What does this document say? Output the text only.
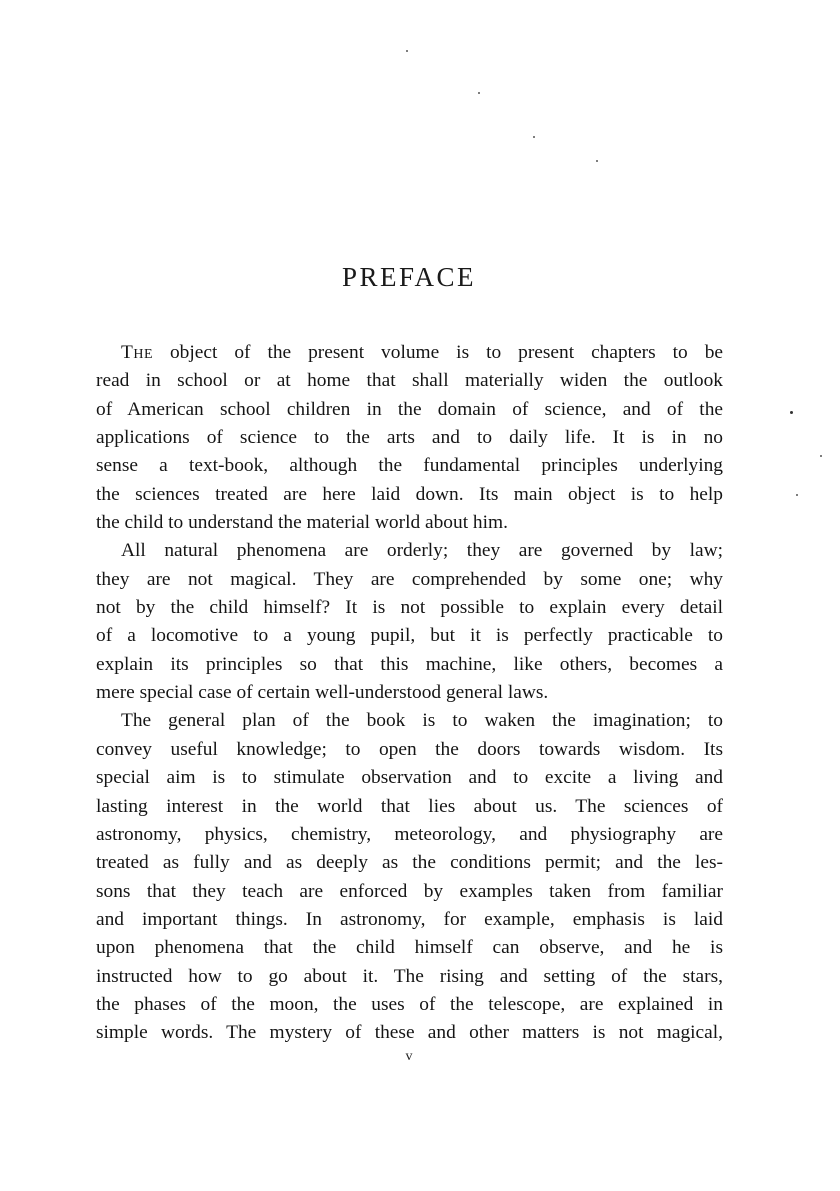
PREFACE

The object of the present volume is to present chapters to be
read in school or at home that shall materially widen the outlook
of American school children in the domain of science, and of the
applications of science to the arts and to daily life. It is in no
sense a text-book, although the fundamental principles underlying
the sciences treated are here laid down. Its main object is to help
the child to understand the material world about him.

All natural phenomena are orderly; they are governed by law;
they are not magical. They are comprehended by some one; why
not by the child himself? It is not possible to explain every detail
of a locomotive to a young pupil, but it is perfectly practicable to
explain its principles so that this machine, like others, becomes a
mere special case of certain well-understood general laws.

The general plan of the book is to waken the imagination; to
convey useful knowledge; to open the doors towards wisdom. Its
special aim is to stimulate observation and to excite a living and
lasting interest in the world that lies about us. The sciences of
astronomy, physics, chemistry, meteorology, and physiography are
treated as fully and as deeply as the conditions permit; and the les-
sons that they teach are enforced by examples taken from familiar
and important things. In astronomy, for example, emphasis is laid
upon phenomena that the child himself can observe, and he is
instructed how to go about it. The rising and setting of the stars,
the phases of the moon, the uses of the telescope, are explained in
simple words. The mystery of these and other matters is not magical,

v
